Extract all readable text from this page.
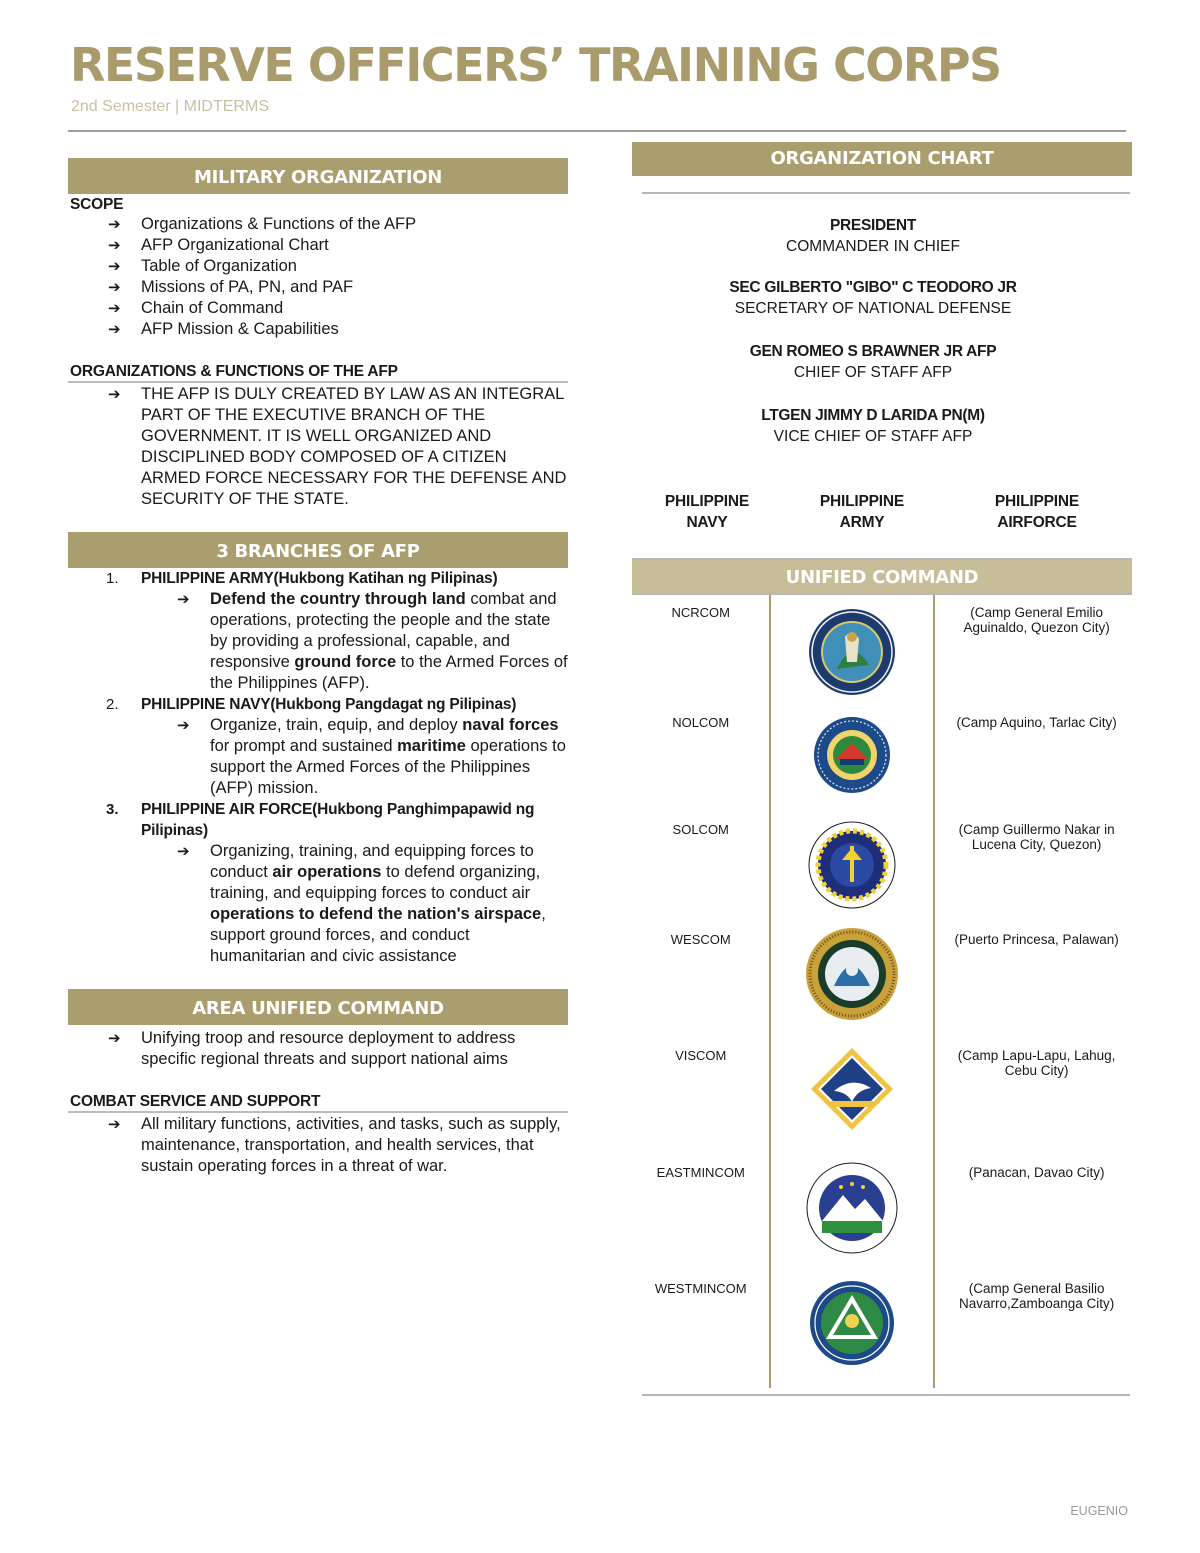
RESERVE OFFICERS’ TRAINING CORPS
2nd Semester | MIDTERMS
MILITARY ORGANIZATION
SCOPE
➔ Organizations & Functions of the AFP
➔ AFP Organizational Chart
➔ Table of Organization
➔ Missions of PA, PN, and PAF
➔ Chain of Command
➔ AFP Mission & Capabilities
ORGANIZATIONS & FUNCTIONS OF THE AFP
➔ THE AFP IS DULY CREATED BY LAW AS AN INTEGRAL PART OF THE EXECUTIVE BRANCH OF THE GOVERNMENT. IT IS WELL ORGANIZED AND DISCIPLINED BODY COMPOSED OF A CITIZEN ARMED FORCE NECESSARY FOR THE DEFENSE AND SECURITY OF THE STATE.
3 BRANCHES OF AFP
1. PHILIPPINE ARMY(Hukbong Katihan ng Pilipinas)
➔ Defend the country through land combat and operations, protecting the people and the state by providing a professional, capable, and responsive ground force to the Armed Forces of the Philippines (AFP).
2. PHILIPPINE NAVY(Hukbong Pangdagat ng Pilipinas)
➔ Organize, train, equip, and deploy naval forces for prompt and sustained maritime operations to support the Armed Forces of the Philippines (AFP) mission.
3. PHILIPPINE AIR FORCE(Hukbong Panghimpapawid ng Pilipinas)
➔ Organizing, training, and equipping forces to conduct air operations to defend organizing, training, and equipping forces to conduct air operations to defend the nation's airspace, support ground forces, and conduct humanitarian and civic assistance
AREA UNIFIED COMMAND
➔ Unifying troop and resource deployment to address specific regional threats and support national aims
COMBAT SERVICE AND SUPPORT
➔ All military functions, activities, and tasks, such as supply, maintenance, transportation, and health services, that sustain operating forces in a threat of war.
ORGANIZATION CHART
PRESIDENT
COMMANDER IN CHIEF
SEC GILBERTO "GIBO" C TEODORO JR
SECRETARY OF NATIONAL DEFENSE
GEN ROMEO S BRAWNER JR AFP
CHIEF OF STAFF AFP
LTGEN JIMMY D LARIDA PN(M)
VICE CHIEF OF STAFF AFP
PHILIPPINE
NAVY
PHILIPPINE
ARMY
PHILIPPINE
AIRFORCE
UNIFIED COMMAND
NCRCOM		(Camp General Emilio Aguinaldo, Quezon City)
NOLCOM		(Camp Aquino, Tarlac City)
SOLCOM		(Camp Guillermo Nakar in Lucena City, Quezon)
WESCOM		(Puerto Princesa, Palawan)
VISCOM		(Camp Lapu-Lapu, Lahug, Cebu City)
EASTMINCOM		(Panacan, Davao City)
WESTMINCOM		(Camp General Basilio Navarro,Zamboanga City)
EUGENIO
